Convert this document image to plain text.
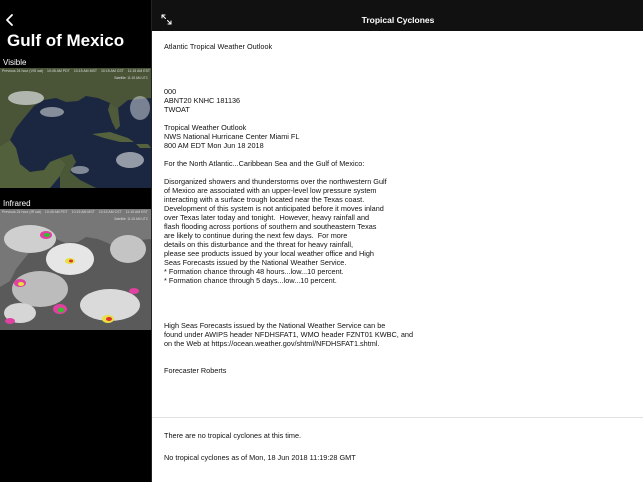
Gulf of Mexico
Visible
Previous 24 hour (VIS sat) 10:45 AM PDT 10:15 AM MST 10:15 AM CST 11:15 AM EST
Satellite: 11:15 AM UTC
Infrared
Previous 24 hour (IR sat) 10:45 AM PDT 10:15 AM MST 10:15 AM CST 11:15 AM EST
Satellite: 11:15 AM UTC
Tropical Cyclones
Atlantic Tropical Weather Outlook

000
ABNT20 KNHC 181136
TWOAT

Tropical Weather Outlook
NWS National Hurricane Center Miami FL
800 AM EDT Mon Jun 18 2018

For the North Atlantic...Caribbean Sea and the Gulf of Mexico:

Disorganized showers and thunderstorms over the northwestern Gulf
of Mexico are associated with an upper-level low pressure system
interacting with a surface trough located near the Texas coast.
Development of this system is not anticipated before it moves inland
over Texas later today and tonight.  However, heavy rainfall and
flash flooding across portions of southern and southeastern Texas
are likely to continue during the next few days.  For more
details on this disturbance and the threat for heavy rainfall,
please see products issued by your local weather office and High
Seas Forecasts issued by the National Weather Service.
* Formation chance through 48 hours...low...10 percent.
* Formation chance through 5 days...low...10 percent.

High Seas Forecasts issued by the National Weather Service can be
found under AWIPS header NFDHSFAT1, WMO header FZNT01 KWBC, and
on the Web at https://ocean.weather.gov/shtml/NFDHSFAT1.shtml.

Forecaster Roberts
There are no tropical cyclones at this time.
No tropical cyclones as of Mon, 18 Jun 2018 11:19:28 GMT
